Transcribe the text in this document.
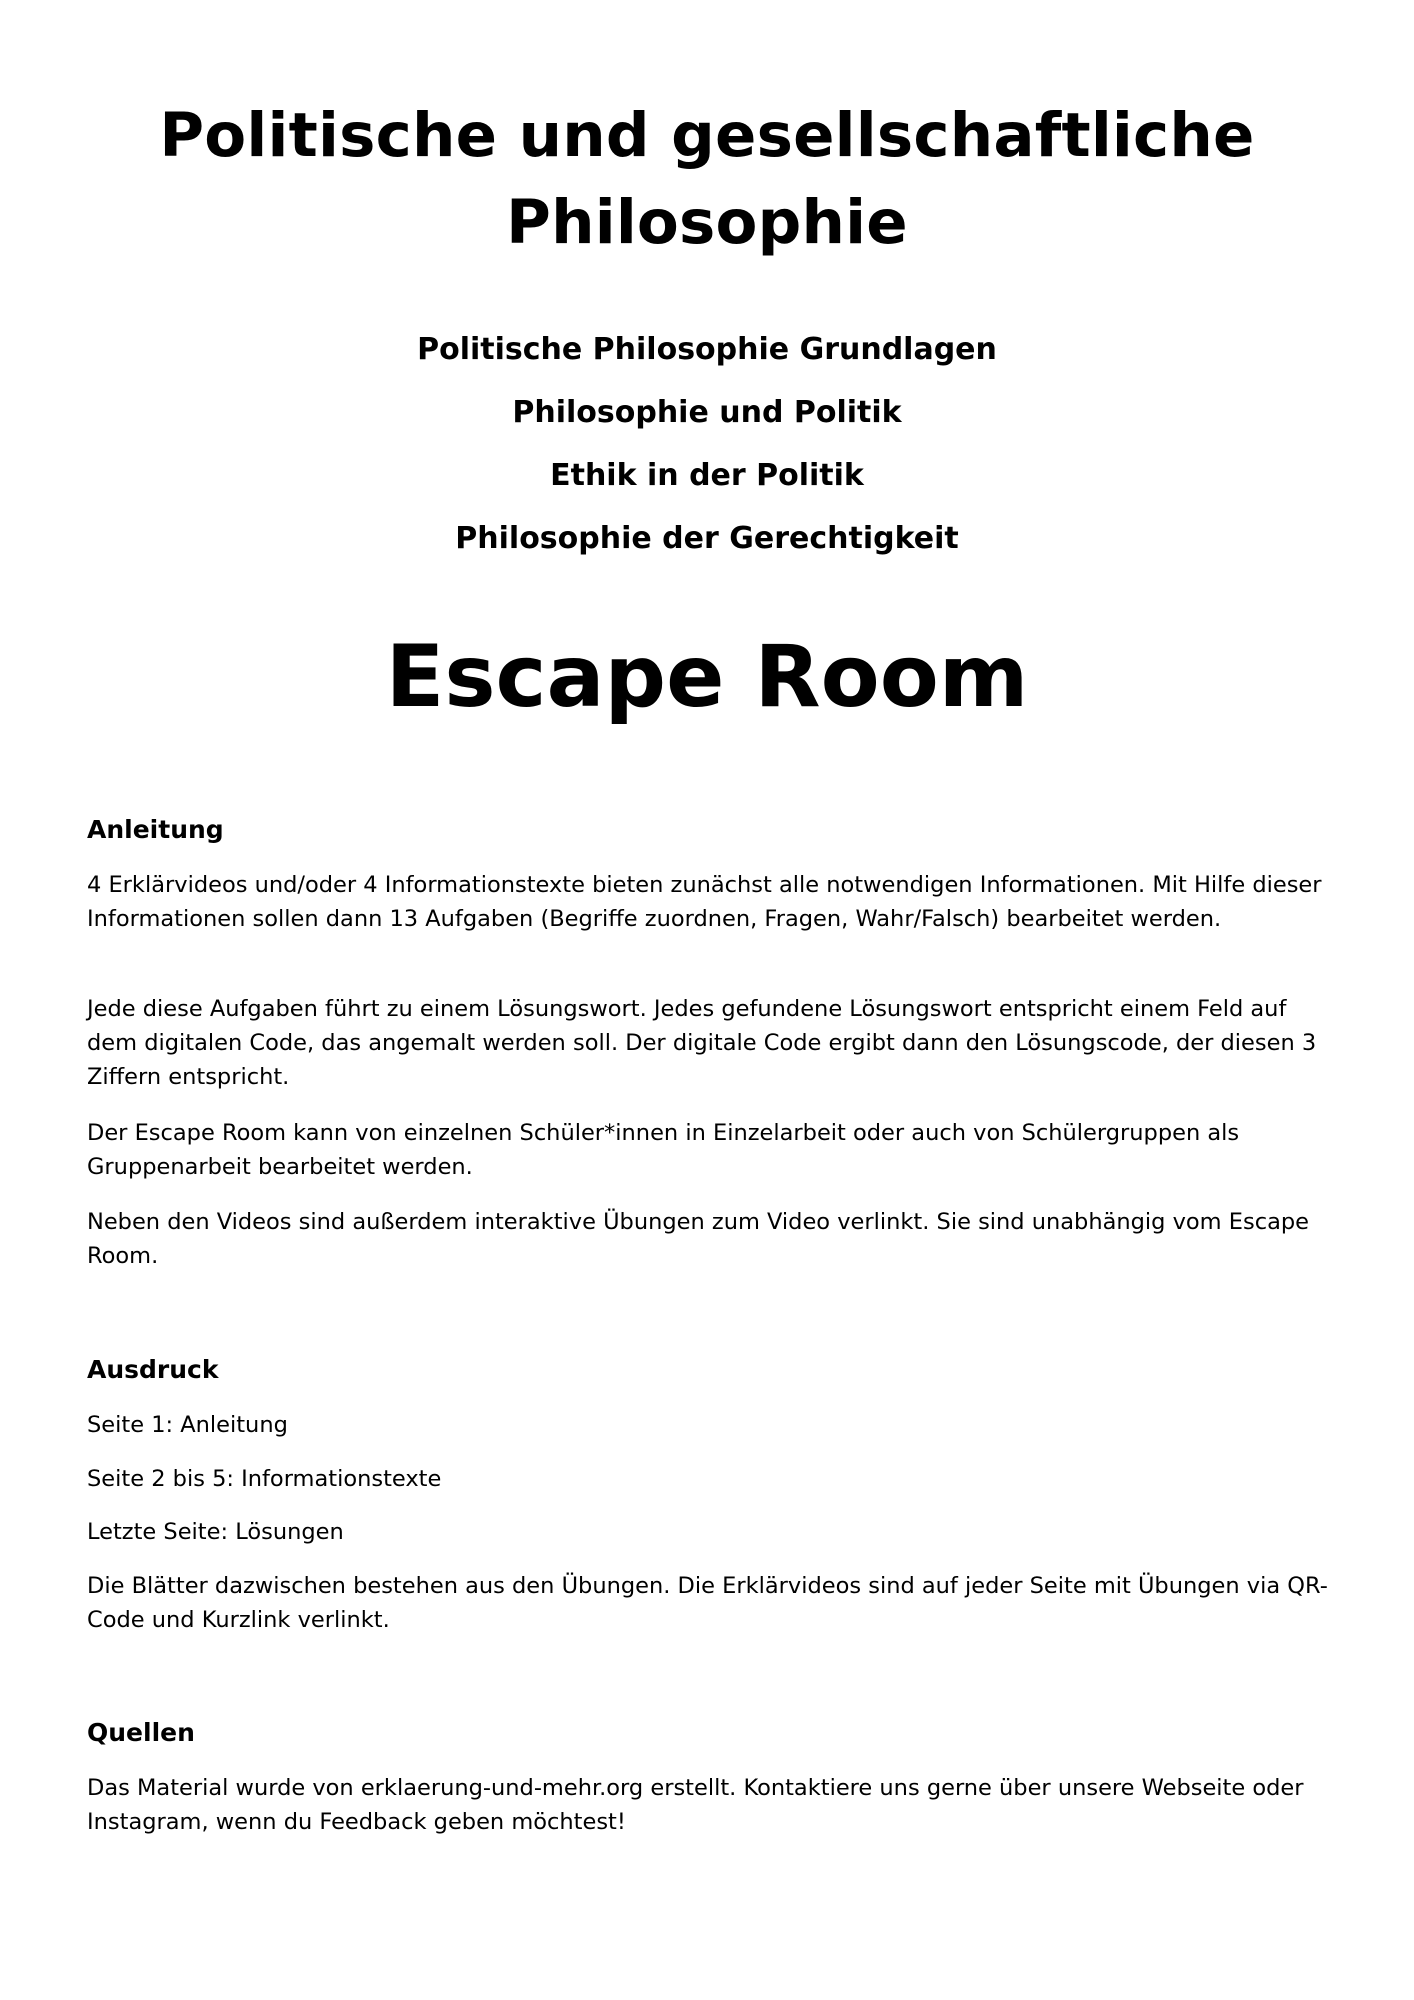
Politische und gesellschaftliche
Philosophie
Politische Philosophie Grundlagen
Philosophie und Politik
Ethik in der Politik
Philosophie der Gerechtigkeit
Escape Room
Anleitung

4 Erklärvideos und/oder 4 Informationstexte bieten zunächst alle notwendigen Informationen. Mit Hilfe dieser Informationen sollen dann 13 Aufgaben (Begriffe zuordnen, Fragen, Wahr/Falsch) bearbeitet werden.

Jede diese Aufgaben führt zu einem Lösungswort. Jedes gefundene Lösungswort entspricht einem Feld auf dem digitalen Code, das angemalt werden soll. Der digitale Code ergibt dann den Lösungscode, der diesen 3 Ziffern entspricht.

Der Escape Room kann von einzelnen Schüler*innen in Einzelarbeit oder auch von Schülergruppen als Gruppenarbeit bearbeitet werden.

Neben den Videos sind außerdem interaktive Übungen zum Video verlinkt. Sie sind unabhängig vom Escape Room.

Ausdruck

Seite 1: Anleitung

Seite 2 bis 5: Informationstexte

Letzte Seite: Lösungen

Die Blätter dazwischen bestehen aus den Übungen. Die Erklärvideos sind auf jeder Seite mit Übungen via QR-Code und Kurzlink verlinkt.

Quellen

Das Material wurde von erklaerung-und-mehr.org erstellt. Kontaktiere uns gerne über unsere Webseite oder Instagram, wenn du Feedback geben möchtest!
